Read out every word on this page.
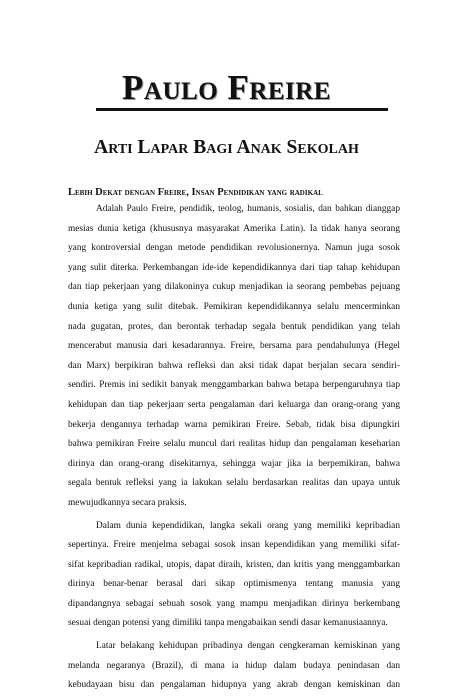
Paulo Freire
Arti Lapar Bagi Anak Sekolah
Lebih Dekat dengan Freire, Insan Pendidikan yang radikal
Adalah Paulo Freire, pendidik, teolog, humanis, sosialis, dan bahkan dianggap
mesias dunia ketiga (khususnya masyarakat Amerika Latin). Ia tidak hanya seorang
yang kontroversial dengan metode pendidikan revolusionernya. Namun juga sosok
yang sulit diterka. Perkembangan ide-ide kependidikannya dari tiap tahap kehidupan
dan tiap pekerjaan yang dilakoninya cukup menjadikan ia seorang pembebas pejuang
dunia ketiga yang sulit ditebak. Pemikiran kependidikannya selalu mencerminkan
nada gugatan, protes, dan berontak terhadap segala bentuk pendidikan yang telah
mencerabut manusia dari kesadarannya. Freire, bersama para pendahulunya (Hegel
dan Marx) berpikiran bahwa refleksi dan aksi tidak dapat berjalan secara sendiri-
sendiri. Premis ini sedikit banyak menggambarkan bahwa betapa berpengaruhnya tiap
kehidupan dan tiap pekerjaan serta pengalaman dari keluarga dan orang-orang yang
bekerja dengannya terhadap warna pemikiran Freire. Sebab, tidak bisa dipungkiri
bahwa pemikiran Freire selalu muncul dari realitas hidup dan pengalaman keseharian
dirinya dan orang-orang disekitarnya, sehingga wajar jika ia berpemikiran, bahwa
segala bentuk refleksi yang ia lakukan selalu berdasarkan realitas dan upaya untuk
mewujudkannya secara praksis.
Dalam dunia kependidikan, langka sekali orang yang memiliki kepribadian
sepertinya. Freire menjelma sebagai sosok insan kependidikan yang memiliki sifat-
sifat kepribadian radikal, utopis, dapat diraih, kristen, dan kritis yang menggambarkan
dirinya benar-benar berasal dari sikap optimismenya tentang manusia yang
dipandangnya sebagai sebuah sosok yang mampu menjadikan dirinya berkembang
sesuai dengan potensi yang dimiliki tanpa mengabaikan sendi dasar kemanusiaannya.
Latar belakang kehidupan pribadinya dengan cengkeraman kemiskinan yang
melanda negaranya (Brazil), di mana ia hidup dalam budaya penindasan dan
kebudayaan bisu dan pengalaman hidupnya yang akrab dengan kemiskinan dan
